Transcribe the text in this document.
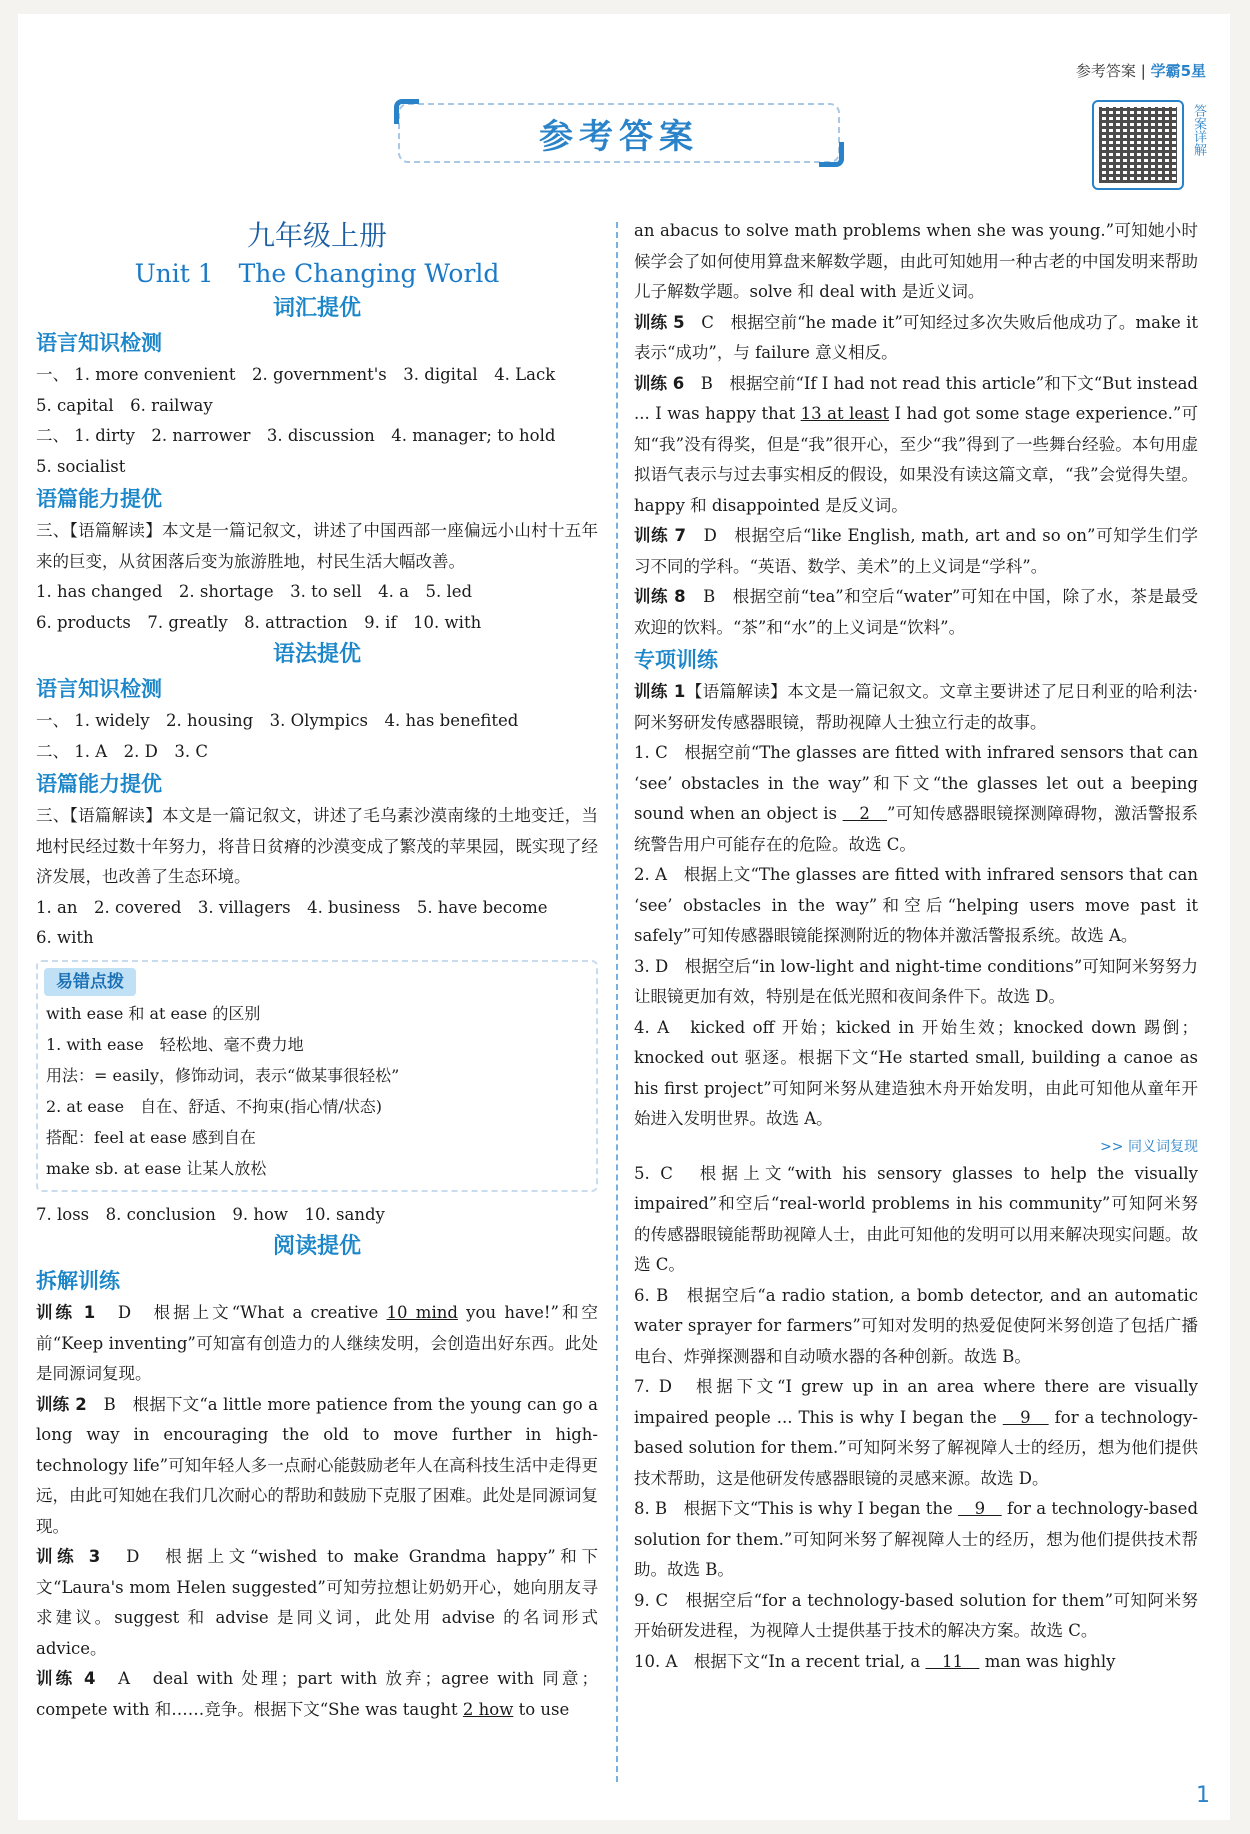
参考答案 | 学霸5星
参考答案	答案详解
九年级上册
Unit 1　The Changing World
词汇提优
语言知识检测
一、 1. more convenient　2. government's　3. digital　4. Lack
5. capital　6. railway
二、 1. dirty　2. narrower　3. discussion　4. manager; to hold
5. socialist
语篇能力提优
三、【语篇解读】本文是一篇记叙文，讲述了中国西部一座偏远小山村十五年来的巨变，从贫困落后变为旅游胜地，村民生活大幅改善。
1. has changed　2. shortage　3. to sell　4. a　5. led
6. products　7. greatly　8. attraction　9. if　10. with
语法提优
语言知识检测
一、 1. widely　2. housing　3. Olympics　4. has benefited
二、 1. A　2. D　3. C
语篇能力提优
三、【语篇解读】本文是一篇记叙文，讲述了毛乌素沙漠南缘的土地变迁，当地村民经过数十年努力，将昔日贫瘠的沙漠变成了繁茂的苹果园，既实现了经济发展，也改善了生态环境。
1. an　2. covered　3. villagers　4. business　5. have become
6. with
易错点拨
with ease 和 at ease 的区别
1. with ease　轻松地、毫不费力地
用法：= easily，修饰动词，表示“做某事很轻松”
2. at ease　自在、舒适、不拘束(指心情/状态)
搭配：feel at ease 感到自在
make sb. at ease 让某人放松
7. loss　8. conclusion　9. how　10. sandy
阅读提优
拆解训练
训练 1　D　根据上文“What a creative 10 mind you have!”和空前“Keep inventing”可知富有创造力的人继续发明，会创造出好东西。此处是同源词复现。
训练 2　B　根据下文“a little more patience from the young can go a long way in encouraging the old to move further in high-technology life”可知年轻人多一点耐心能鼓励老年人在高科技生活中走得更远，由此可知她在我们几次耐心的帮助和鼓励下克服了困难。此处是同源词复现。
训练 3　D　根据上文“wished to make Grandma happy”和下文“Laura's mom Helen suggested”可知劳拉想让奶奶开心，她向朋友寻求建议。suggest 和 advise 是同义词，此处用 advise 的名词形式 advice。
训练 4　A　deal with 处理；part with 放弃；agree with 同意；compete with 和……竞争。根据下文“She was taught 2 how to use
an abacus to solve math problems when she was young.”可知她小时候学会了如何使用算盘来解数学题，由此可知她用一种古老的中国发明来帮助儿子解数学题。solve 和 deal with 是近义词。
训练 5　C　根据空前“he made it”可知经过多次失败后他成功了。make it 表示“成功”，与 failure 意义相反。
训练 6　B　根据空前“If I had not read this article”和下文“But instead ... I was happy that 13 at least I had got some stage experience.”可知“我”没有得奖，但是“我”很开心，至少“我”得到了一些舞台经验。本句用虚拟语气表示与过去事实相反的假设，如果没有读这篇文章，“我”会觉得失望。happy 和 disappointed 是反义词。
训练 7　D　根据空后“like English, math, art and so on”可知学生们学习不同的学科。“英语、数学、美术”的上义词是“学科”。
训练 8　B　根据空前“tea”和空后“water”可知在中国，除了水，茶是最受欢迎的饮料。“茶”和“水”的上义词是“饮料”。
专项训练
训练 1【语篇解读】本文是一篇记叙文。文章主要讲述了尼日利亚的哈利法·阿米努研发传感器眼镜，帮助视障人士独立行走的故事。
1. C　根据空前“The glasses are fitted with infrared sensors that can ‘see’ obstacles in the way”和下文“the glasses let out a beeping sound when an object is 　2　”可知传感器眼镜探测障碍物，激活警报系统警告用户可能存在的危险。故选 C。
2. A　根据上文“The glasses are fitted with infrared sensors that can ‘see’ obstacles in the way”和空后“helping users move past it safely”可知传感器眼镜能探测附近的物体并激活警报系统。故选 A。
3. D　根据空后“in low-light and night-time conditions”可知阿米努努力让眼镜更加有效，特别是在低光照和夜间条件下。故选 D。
4. A　kicked off 开始；kicked in 开始生效；knocked down 踢倒；knocked out 驱逐。根据下文“He started small, building a canoe as his first project”可知阿米努从建造独木舟开始发明，由此可知他从童年开始进入发明世界。故选 A。
>> 同义词复现
5. C　根据上文“with his sensory glasses to help the visually impaired”和空后“real-world problems in his community”可知阿米努的传感器眼镜能帮助视障人士，由此可知他的发明可以用来解决现实问题。故选 C。
6. B　根据空后“a radio station, a bomb detector, and an automatic water sprayer for farmers”可知对发明的热爱促使阿米努创造了包括广播电台、炸弹探测器和自动喷水器的各种创新。故选 B。
7. D　根据下文“I grew up in an area where there are visually impaired people ... This is why I began the 　9　 for a technology-based solution for them.”可知阿米努了解视障人士的经历，想为他们提供技术帮助，这是他研发传感器眼镜的灵感来源。故选 D。
8. B　根据下文“This is why I began the 　9　 for a technology-based solution for them.”可知阿米努了解视障人士的经历，想为他们提供技术帮助。故选 B。
9. C　根据空后“for a technology-based solution for them”可知阿米努开始研发进程，为视障人士提供基于技术的解决方案。故选 C。
10. A　根据下文“In a recent trial, a 　11　 man was highly
1
